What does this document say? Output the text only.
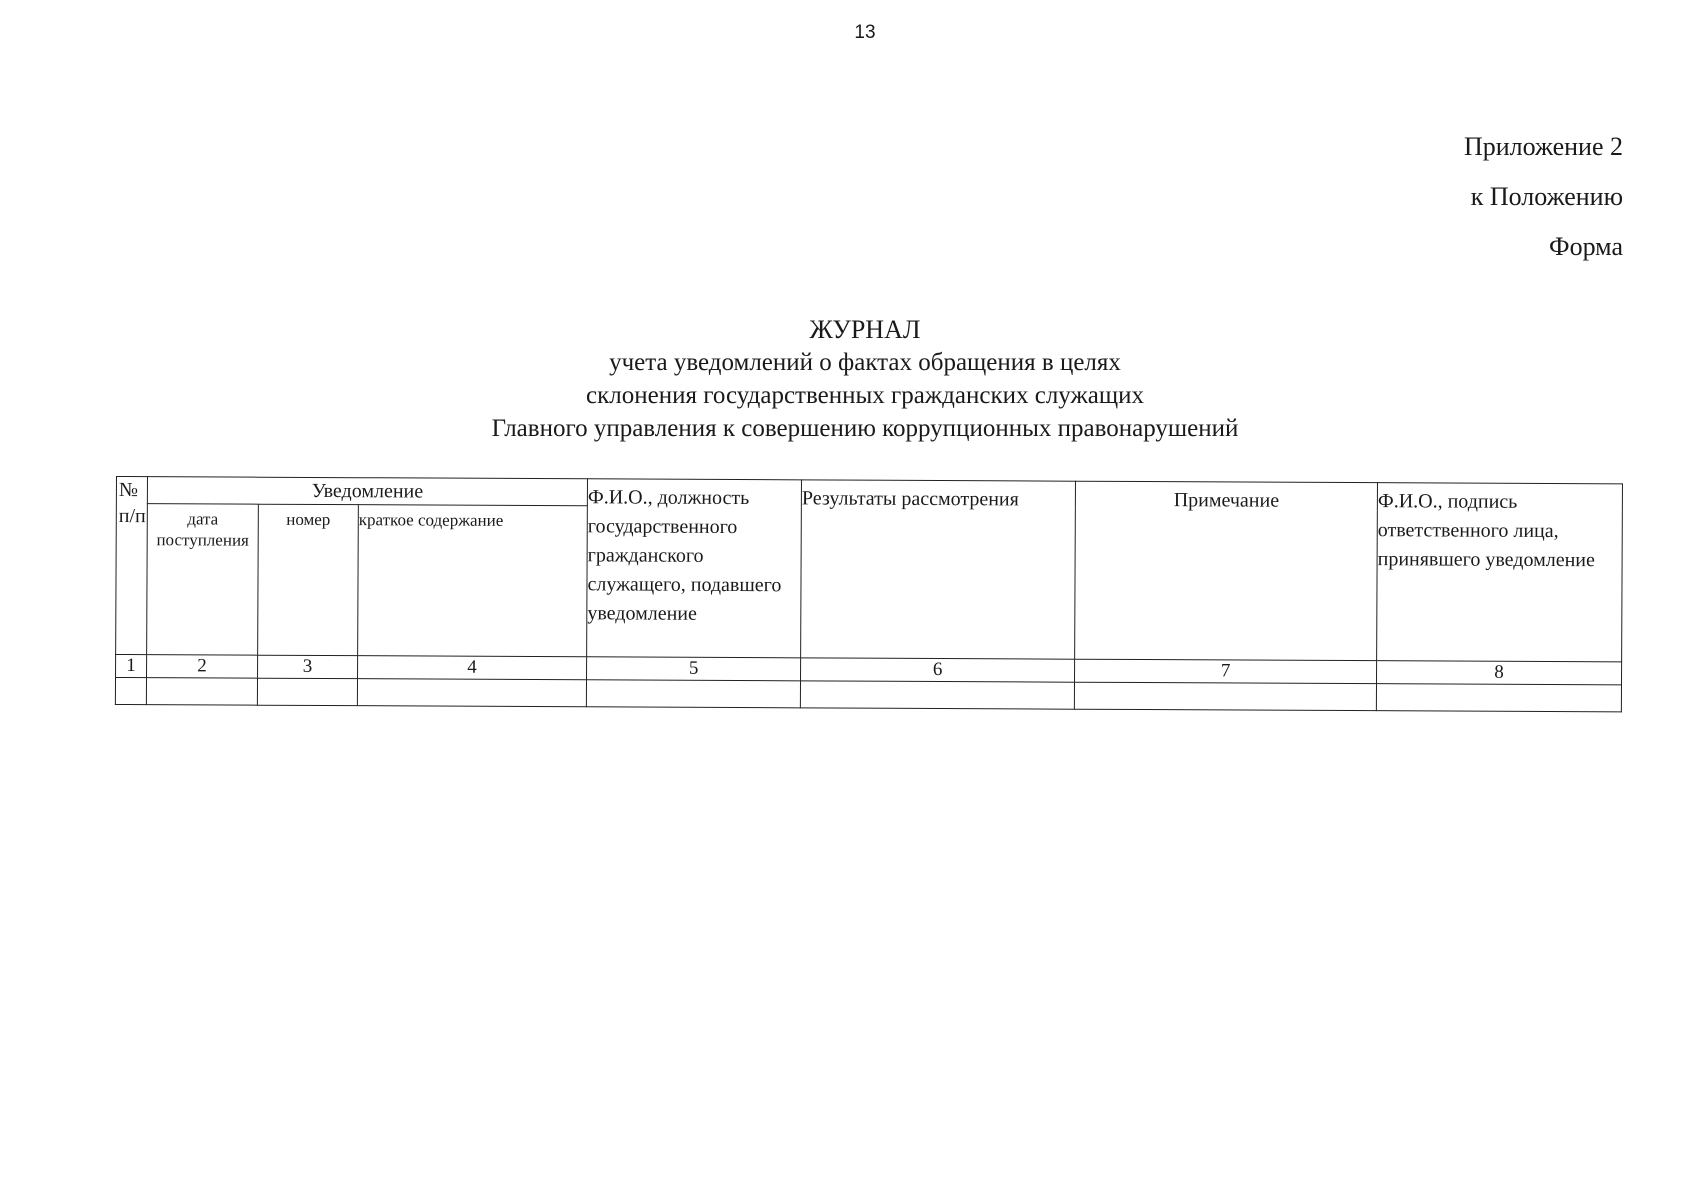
13
Приложение 2
к Положению
Форма
ЖУРНАЛ
учета уведомлений о фактах обращения в целях
склонения государственных гражданских служащих
Главного управления к совершению коррупционных правонарушений
№ п/п	Уведомление			Ф.И.О., должность государственного гражданского служащего, подавшего уведомление	Результаты рассмотрения	Примечание	Ф.И.О., подпись ответственного лица, принявшего уведомление
	дата поступления	номер	краткое содержание				
1	2	3	4	5	6	7	8
